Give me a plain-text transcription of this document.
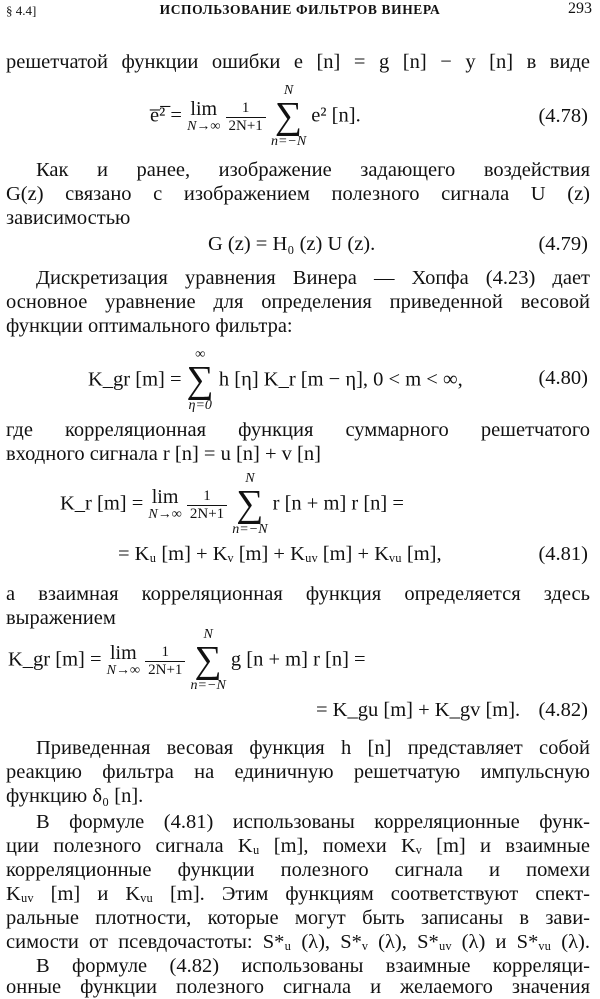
§ 4.4]	ИСПОЛЬЗОВАНИЕ ФИЛЬТРОВ ВИНЕРА	293
решетчатой функции ошибки e [n] = g [n] − y [n] в виде
e̅²̅ = lim
N→∞
$\frac{1}{2N+1}$

N
∑
n=−N
e² [n].	(4.78)
Как и ранее, изображение задающего воздействия
G(z) связано с изображением полезного сигнала U (z)
зависимостью
G (z) = H₀ (z) U (z).	(4.79)
Дискретизация уравнения Винера — Хопфа (4.23) дает
основное уравнение для определения приведенной весовой
функции оптимального фильтра:
K_gr [m] =
∞
∑
η=0
h [η] K_r [m − η], 0 < m < ∞,	(4.80)
где корреляционная функция суммарного решетчатого
входного сигнала r [n] = u [n] + v [n]
K_r [m] = lim
N→∞
$\frac{1}{2N+1}$

N
∑
n=−N
r [n + m] r [n] =
= Kᵤ [m] + Kᵥ [m] + Kᵤᵥ [m] + Kᵥᵤ [m],	(4.81)
а взаимная корреляционная функция определяется здесь
выражением
K_gr [m] = lim
N→∞
$\frac{1}{2N+1}$

N
∑
n=−N
g [n + m] r [n] =
= K_gu [m] + K_gv [m]. (4.82)
Приведенная весовая функция h [n] представляет собой
реакцию фильтра на единичную решетчатую импульсную
функцию δ₀ [n].
В формуле (4.81) использованы корреляционные функ-
ции полезного сигнала Kᵤ [m], помехи Kᵥ [m] и взаимные
корреляционные функции полезного сигнала и помехи
Kᵤᵥ [m] и Kᵥᵤ [m]. Этим функциям соответствуют спект-
ральные плотности, которые могут быть записаны в зави-
симости от псевдочастоты: S*ᵤ (λ), S*ᵥ (λ), S*ᵤᵥ (λ) и S*ᵥᵤ (λ).
В формуле (4.82) использованы взаимные корреляци-
онные функции полезного сигнала и желаемого значения
